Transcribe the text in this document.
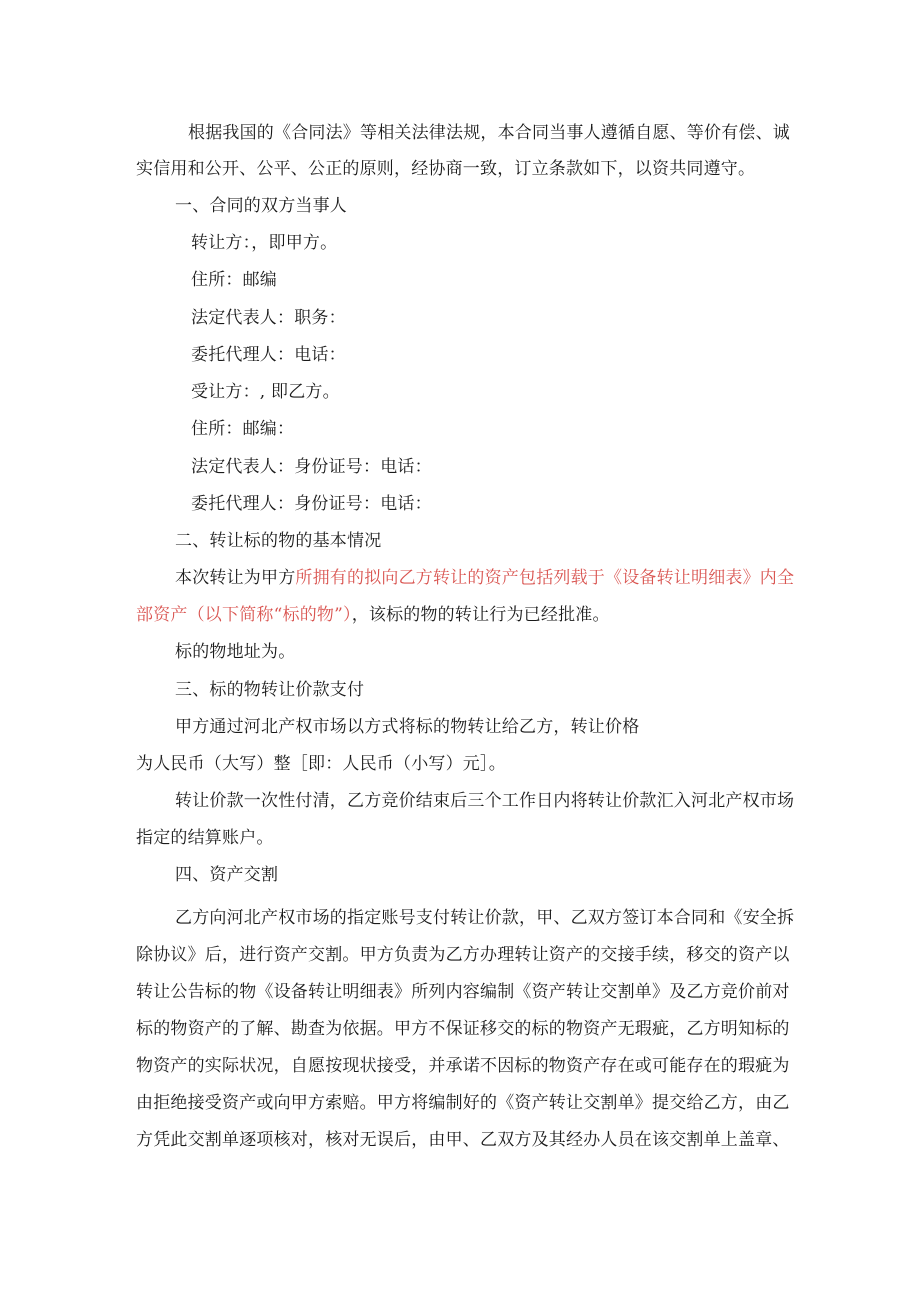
根据我国的《合同法》等相关法律法规，本合同当事人遵循自愿、等价有偿、诚
实信用和公开、公平、公正的原则，经协商一致，订立条款如下，以资共同遵守。
一、合同的双方当事人
转让方：，即甲方。
住所：邮编
法定代表人：职务：
委托代理人：电话：
受让方：, 即乙方。
住所：邮编：
法定代表人：身份证号：电话：
委托代理人：身份证号：电话：
二、转让标的物的基本情况
本次转让为甲方所拥有的拟向乙方转让的资产包括列载于《设备转让明细表》内全
部资产（以下简称“标的物”），该标的物的转让行为已经批准。
标的物地址为。
三、标的物转让价款支付
甲方通过河北产权市场以方式将标的物转让给乙方，转让价格
为人民币（大写）整［即：人民币（小写）元］。
转让价款一次性付清，乙方竞价结束后三个工作日内将转让价款汇入河北产权市场
指定的结算账户。
四、资产交割
乙方向河北产权市场的指定账号支付转让价款，甲、乙双方签订本合同和《安全拆
除协议》后，进行资产交割。甲方负责为乙方办理转让资产的交接手续，移交的资产以
转让公告标的物《设备转让明细表》所列内容编制《资产转让交割单》及乙方竞价前对
标的物资产的了解、勘查为依据。甲方不保证移交的标的物资产无瑕疵，乙方明知标的
物资产的实际状况，自愿按现状接受，并承诺不因标的物资产存在或可能存在的瑕疵为
由拒绝接受资产或向甲方索赔。甲方将编制好的《资产转让交割单》提交给乙方，由乙
方凭此交割单逐项核对，核对无误后，由甲、乙双方及其经办人员在该交割单上盖章、
